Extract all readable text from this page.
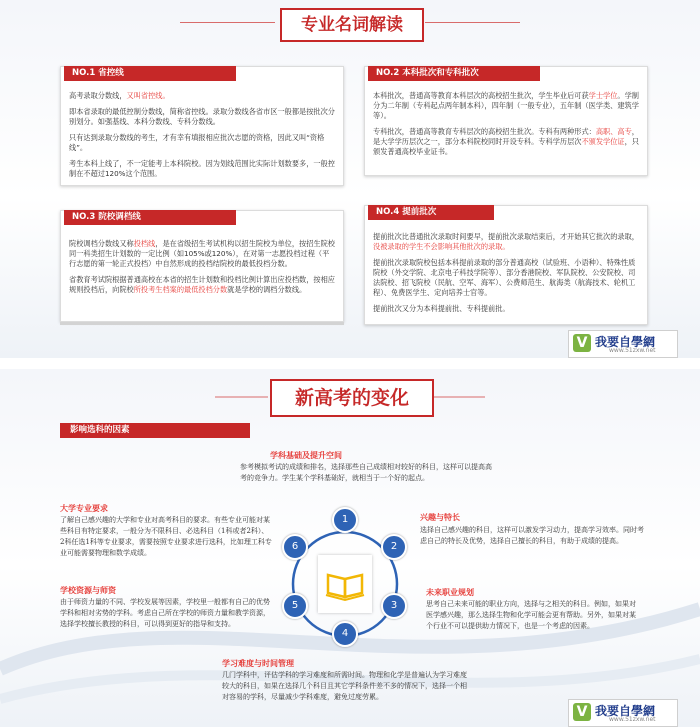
专业名词解读

高考录取分数线，又叫省控线。

即本省录取的最低控制分数线，简称省控线。录取分数线各省市区一般都是按批次分别划分。如强基线、本科分数线、专科分数线。

只有达到录取分数线的考生，才有幸有填报相应批次志愿的资格，因此又叫“资格线”。

考生本科上线了，不一定能考上本科院校。因为划线范围比实际计划数要多，一般控制在不超过120%这个范围。

NO.1 省控线

院校调档分数线又称投档线，是在省级招生考试机构以招生院校为单位，按招生院校同一科类招生计划数的一定比例（如105%或120%），在对第一志愿投档过程（平行志愿的第一轮正式投档）中自然形成的投档结院校的最低投档分数。

省教育考试院根据普通高校在本省的招生计划数和投档比例计算出应投档数，按相应规则投档后，向院校所投考生档案的最低投档分数就是学校的调档分数线。

NO.3 院校调档线

本科批次，普通高等教育本科层次的高校招生批次，学生毕业后可获学士学位。学制分为二年制（专科起点两年制本科），四年制（一般专业），五年制（医学类、建筑学等）。

专科批次，普通高等教育专科层次的高校招生批次。专科有两种形式：高职、高专，是大学学历层次之一，部分本科院校同时开设专科。专科学历层次不颁发学位证，只颁发普通高校毕业证书。

NO.2 本科批次和专科批次

提前批次比普通批次录取时间要早，提前批次录取结束后，才开始其它批次的录取，没被录取的学生不会影响其他批次的录取。

提前批次录取院校包括本科提前录取的部分普通高校（试验班、小语种）、特殊性质院校（外交学院、北京电子科技学院等）、部分香港院校、军队院校、公安院校、司法院校、招飞院校（民航、空军、海军）、公费师范生、航海类（航海技术、轮机工程）、免费医学生、定向培养士官等。

提前批次又分为本科提前批、专科提前批。

NO.4 提前批次
V 我要自學網
www.51zxw.net
新高考的变化
影响选科的因素
1
2
3
4
5
6
学科基础及提升空间
参考模拟考试的成绩和排名，选择那些自己成绩相对较好的科目，这样可以提高高考的竞争力。学生某个学科基础好，就相当于一个好的起点。
兴趣与特长
选择自己感兴趣的科目，这样可以激发学习动力，提高学习效率。同时考虑自己的特长及优势，选择自己擅长的科目，有助于成绩的提高。
未来职业规划
思考自己未来可能的职业方向，选择与之相关的科目。例如，如果对医学感兴趣，那么选择生物和化学可能会更有帮助。另外，如果对某个行业不可以提供助力情况下，也是一个考虑的因素。
学习难度与时间管理
几门学科中，评估学科的学习难度和所需时间。物理和化学是普遍认为学习难度较大的科目，如果在选择几个科目且其它学科条件差不多的情况下，选择一个相对容易的学科，尽量减少学科难度，避免过度劳累。
学校资源与师资
由于师资力量的不同、学校发展等因素，学校里一般都有自己的优势学科和相对劣势的学科。考虑自己所在学校的师资力量和教学资源，选择学校擅长教授的科目，可以得到更好的指导和支持。
大学专业要求
了解自己感兴趣的大学和专业对高考科目的要求。有些专业可能对某些科目有特定要求，一般分为不限科目、必选科目（1科或者2科）、2科任选1科等专业要求，需要按照专业要求进行选科，比如理工科专业可能需要物理和数学成绩。
V 我要自學網
www.51zxw.net
